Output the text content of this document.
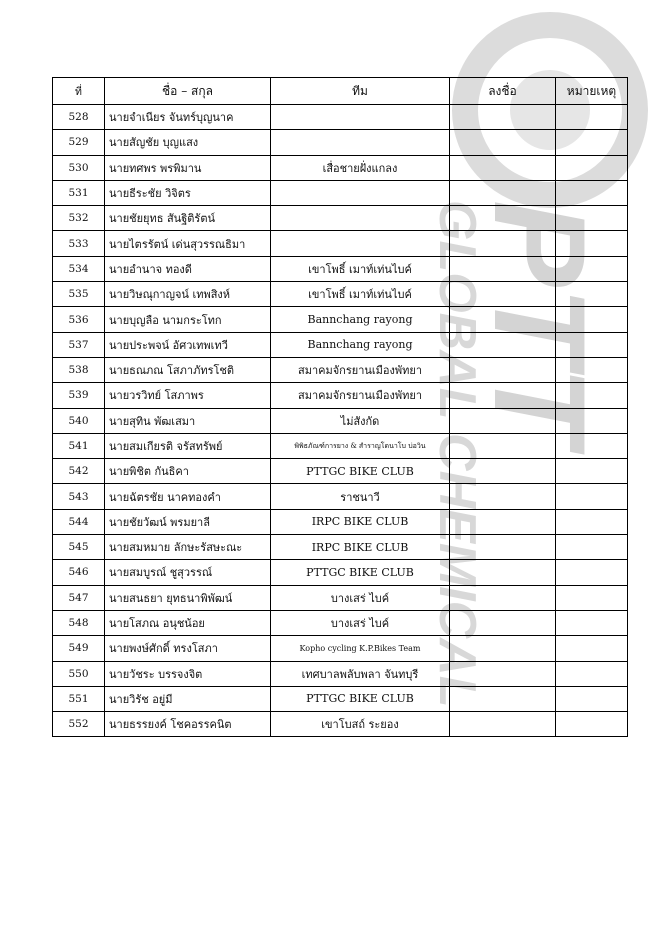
PTT
GLOBAL CHEMICAL
ที่	ชื่อ – สกุล	ทีม	ลงชื่อ	หมายเหตุ
528	นายจำเนียร จันทร์บุญนาค			
529	นายสัญชัย บุญแสง			
530	นายทศพร พรพิมาน	เสื่อชายฝั่งแกลง		
531	นายธีระชัย วิจิตร			
532	นายชัยยุทธ สันฐิติรัตน์			
533	นายไตรรัตน์ เด่นสุวรรณธิมา			
534	นายอำนาจ ทองดี	เขาโพธิ์ เมาท์เท่นไบค์		
535	นายวิษณุกาญจน์ เทพสิงห์	เขาโพธิ์ เมาท์เท่นไบค์		
536	นายบุญลือ นามกระโทก	Bannchang rayong		
537	นายประพจน์ อัศวเทพเทวี	Bannchang rayong		
538	นายธณภณ โสภาภัทรโชติ	สมาคมจักรยานเมืองพัทยา		
539	นายวรวิทย์ โสภาพร	สมาคมจักรยานเมืองพัทยา		
540	นายสุทิน พัฒเสมา	ไม่สังกัด		
541	นายสมเกียรติ จรัสทรัพย์	พิพิธภัณฑ์การยาง & สำราญโดนาโบ บ่อวิน		
542	นายพิชิต กันธิคา	PTTGC BIKE CLUB		
543	นายฉัตรชัย นาคทองคำ	ราชนาวี		
544	นายชัยวัฒน์ พรมยาลี	IRPC BIKE CLUB		
545	นายสมหมาย ลักษะรัสษะณะ	IRPC BIKE CLUB		
546	นายสมบูรณ์ ชูสุวรรณ์	PTTGC BIKE CLUB		
547	นายสนธยา ยุทธนาพิพัฒน์	บางเสร่ ไบค์		
548	นายโสภณ อนุชน้อย	บางเสร่ ไบค์		
549	นายพงษ์ศักดิ์ ทรงโสภา	Kopho cycling K.P.Bikes Team		
550	นายวัชระ บรรจงจิต	เทศบาลพลับพลา จันทบุรี		
551	นายวิรัช อยู่มี	PTTGC BIKE CLUB		
552	นายธรรยงค์ โชคอรรคนิต	เขาโบสถ์ ระยอง		
